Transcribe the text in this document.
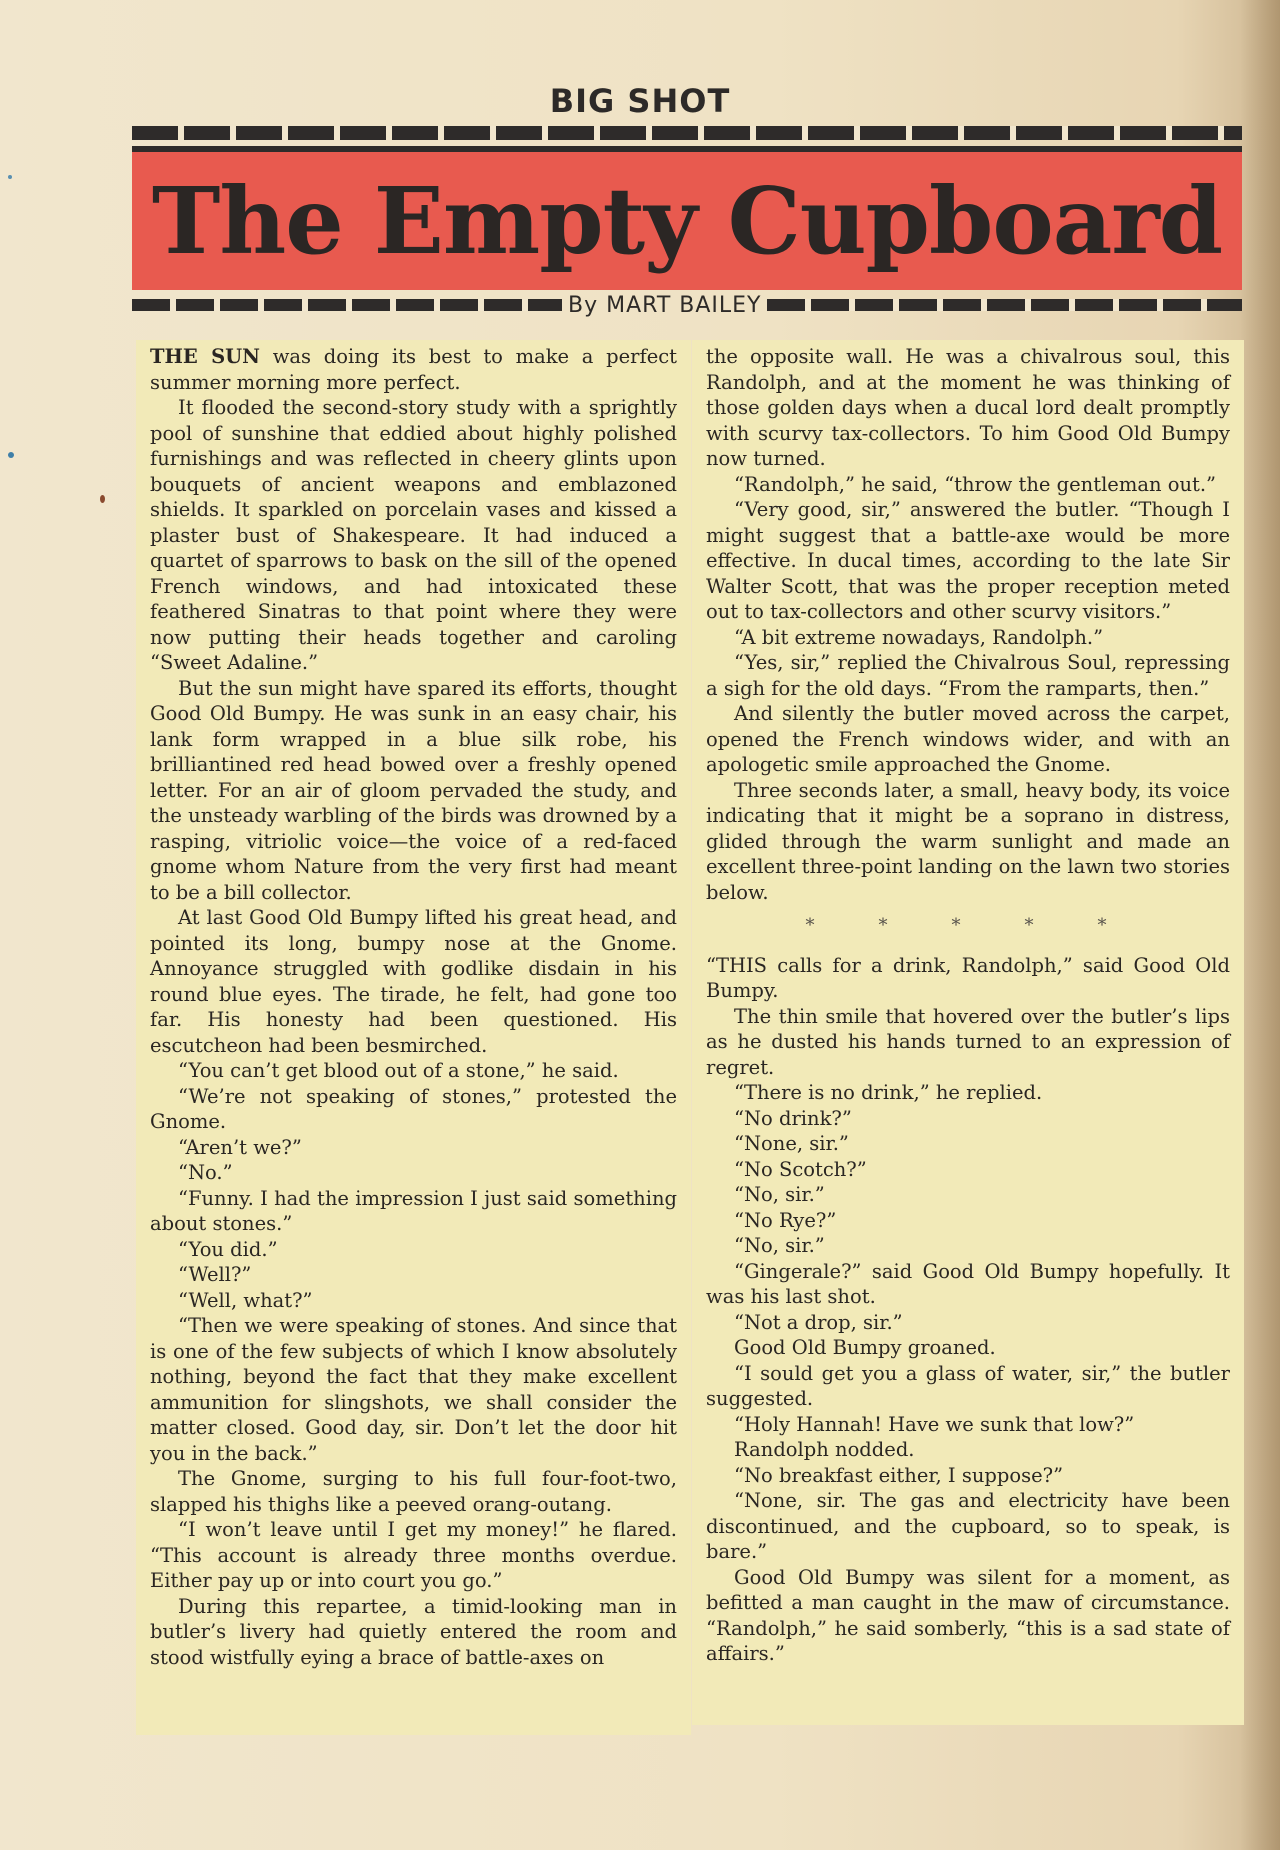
BIG SHOT
The Empty Cupboard
By MART BAILEY

THE SUN was doing its best to make a perfect summer morning more perfect.

It flooded the second-story study with a sprightly pool of sunshine that eddied about highly polished furnishings and was reflected in cheery glints upon bouquets of ancient weapons and emblazoned shields. It sparkled on porcelain vases and kissed a plaster bust of Shakespeare. It had induced a quartet of sparrows to bask on the sill of the opened French windows, and had intoxicated these feathered Sinatras to that point where they were now putting their heads together and caroling “Sweet Adaline.”

But the sun might have spared its efforts, thought Good Old Bumpy. He was sunk in an easy chair, his lank form wrapped in a blue silk robe, his brilliantined red head bowed over a freshly opened letter. For an air of gloom pervaded the study, and the unsteady warbling of the birds was drowned by a rasping, vitriolic voice—the voice of a red-faced gnome whom Nature from the very first had meant to be a bill collector.

At last Good Old Bumpy lifted his great head, and pointed its long, bumpy nose at the Gnome. Annoyance struggled with godlike disdain in his round blue eyes. The tirade, he felt, had gone too far. His honesty had been questioned. His escutcheon had been besmirched.

“You can’t get blood out of a stone,” he said.

“We’re not speaking of stones,” protested the Gnome.

“Aren’t we?”

“No.”

“Funny. I had the impression I just said something about stones.”

“You did.”

“Well?”

“Well, what?”

“Then we were speaking of stones. And since that is one of the few subjects of which I know absolutely nothing, beyond the fact that they make excellent ammunition for slingshots, we shall consider the matter closed. Good day, sir. Don’t let the door hit you in the back.”

The Gnome, surging to his full four-foot-two, slapped his thighs like a peeved orang-outang.

“I won’t leave until I get my money!” he flared. “This account is already three months overdue. Either pay up or into court you go.”

During this repartee, a timid-looking man in butler’s livery had quietly entered the room and stood wistfully eying a brace of battle-axes on

the opposite wall. He was a chivalrous soul, this Randolph, and at the moment he was thinking of those golden days when a ducal lord dealt promptly with scurvy tax-collectors. To him Good Old Bumpy now turned.

“Randolph,” he said, “throw the gentleman out.”

“Very good, sir,” answered the butler. “Though I might suggest that a battle-axe would be more effective. In ducal times, according to the late Sir Walter Scott, that was the proper reception meted out to tax-collectors and other scurvy visitors.”

“A bit extreme nowadays, Randolph.”

“Yes, sir,” replied the Chivalrous Soul, repressing a sigh for the old days. “From the ramparts, then.”

And silently the butler moved across the carpet, opened the French windows wider, and with an apologetic smile approached the Gnome.

Three seconds later, a small, heavy body, its voice indicating that it might be a soprano in distress, glided through the warm sunlight and made an excellent three-point landing on the lawn two stories below.

*****

“THIS calls for a drink, Randolph,” said Good Old Bumpy.

The thin smile that hovered over the butler’s lips as he dusted his hands turned to an expression of regret.

“There is no drink,” he replied.

“No drink?”

“None, sir.”

“No Scotch?”

“No, sir.”

“No Rye?”

“No, sir.”

“Gingerale?” said Good Old Bumpy hopefully. It was his last shot.

“Not a drop, sir.”

Good Old Bumpy groaned.

“I sould get you a glass of water, sir,” the butler suggested.

“Holy Hannah! Have we sunk that low?”

Randolph nodded.

“No breakfast either, I suppose?”

“None, sir. The gas and electricity have been discontinued, and the cupboard, so to speak, is bare.”

Good Old Bumpy was silent for a moment, as befitted a man caught in the maw of circumstance. “Randolph,” he said somberly, “this is a sad state of affairs.”
